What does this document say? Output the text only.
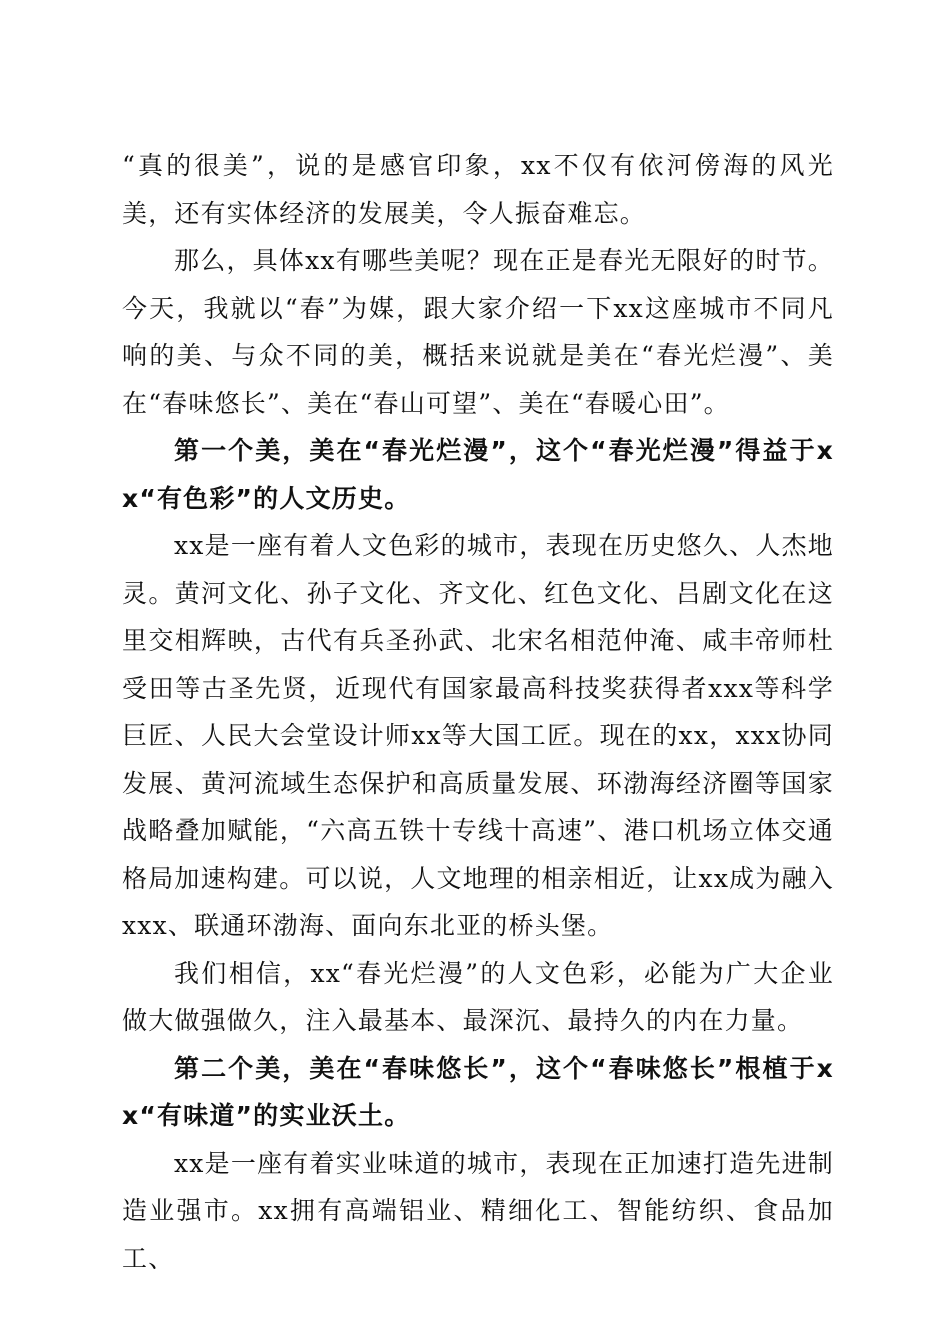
“真的很美”，说的是感官印象，xx不仅有依河傍海的风光美，还有实体经济的发展美，令人振奋难忘。

那么，具体xx有哪些美呢？现在正是春光无限好的时节。今天，我就以“春”为媒，跟大家介绍一下xx这座城市不同凡响的美、与众不同的美，概括来说就是美在“春光烂漫”、美在“春味悠长”、美在“春山可望”、美在“春暖心田”。

第一个美，美在“春光烂漫”，这个“春光烂漫”得益于xx“有色彩”的人文历史。

xx是一座有着人文色彩的城市，表现在历史悠久、人杰地灵。黄河文化、孙子文化、齐文化、红色文化、吕剧文化在这里交相辉映，古代有兵圣孙武、北宋名相范仲淹、咸丰帝师杜受田等古圣先贤，近现代有国家最高科技奖获得者xxx等科学巨匠、人民大会堂设计师xx等大国工匠。现在的xx，xxx协同发展、黄河流域生态保护和高质量发展、环渤海经济圈等国家战略叠加赋能，“六高五铁十专线十高速”、港口机场立体交通格局加速构建。可以说，人文地理的相亲相近，让xx成为融入xxx、联通环渤海、面向东北亚的桥头堡。

我们相信，xx“春光烂漫”的人文色彩，必能为广大企业做大做强做久，注入最基本、最深沉、最持久的内在力量。

第二个美，美在“春味悠长”，这个“春味悠长”根植于xx“有味道”的实业沃土。

xx是一座有着实业味道的城市，表现在正加速打造先进制造业强市。xx拥有高端铝业、精细化工、智能纺织、食品加工、
